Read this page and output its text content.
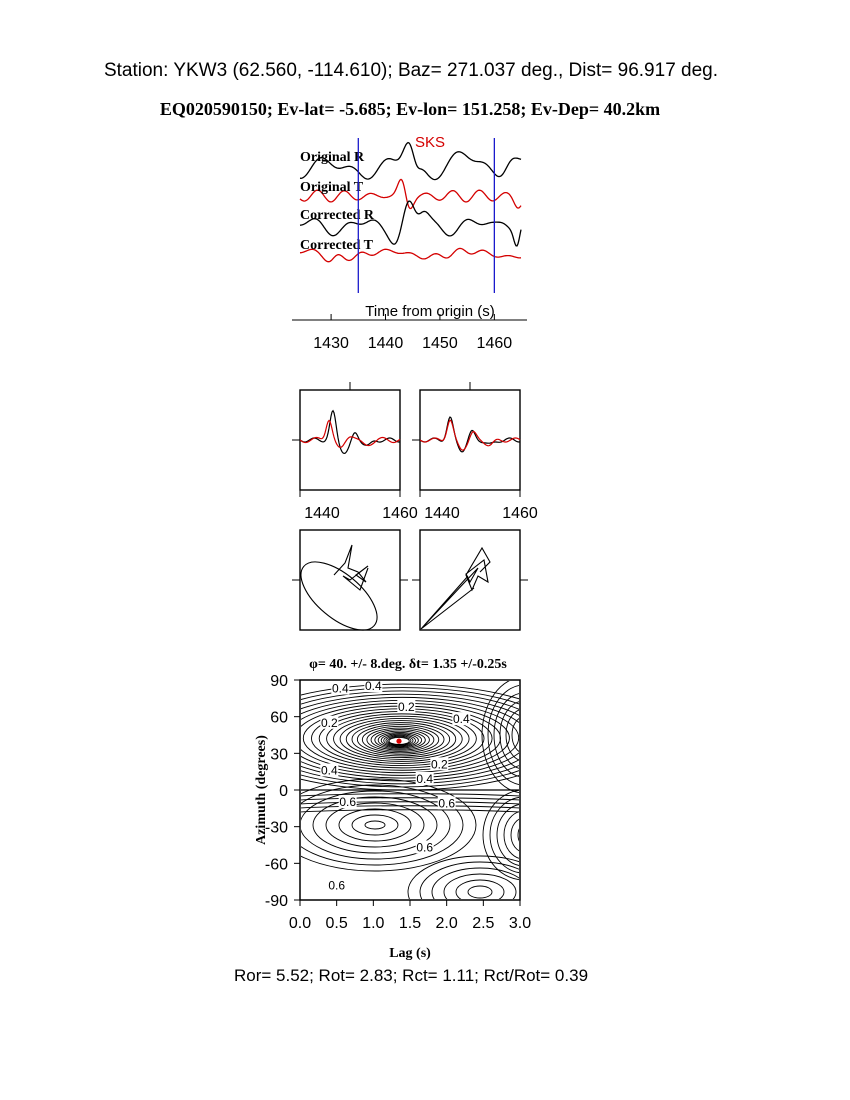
Station: YKW3 (62.560, -114.610); Baz= 271.037 deg., Dist= 96.917 deg.
EQ020590150; Ev-lat= -5.685; Ev-lon= 151.258; Ev-Dep= 40.2km
Original R
Original T
Corrected R
Corrected T
SKS
Time from origin (s)
1430 1440 1450 1460
1440	1460 1440	1460
φ= 40. +/- 8.deg. δt= 1.35 +/-0.25s
0.4 0.4
0.2
0.4
0.2
0.4	0.2
0.4
0.6	0.6
0.6
0.6
0.0 0.5 1.0 1.5 2.0 2.5 3.0
90
60
30
0
-30
-60
-90
Lag (s)
Azimuth (degrees)
Ror= 5.52; Rot= 2.83; Rct= 1.11; Rct/Rot= 0.39
